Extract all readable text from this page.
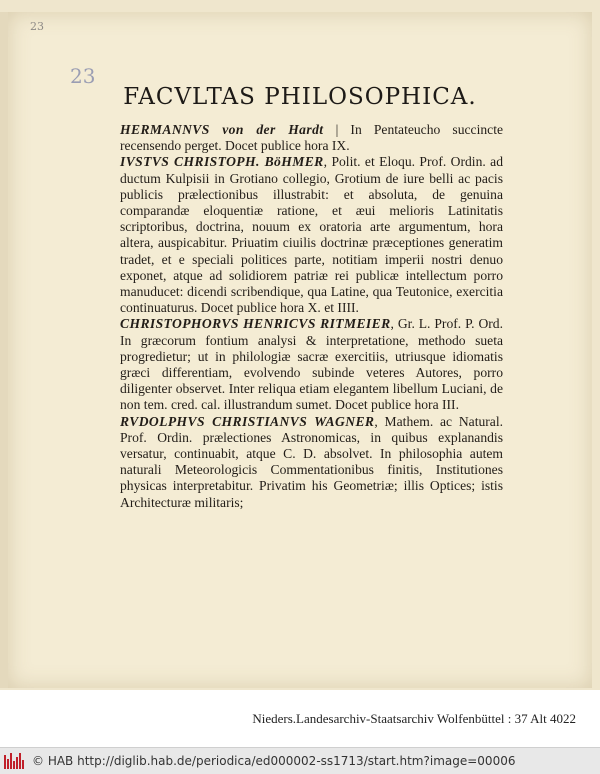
23
23
FACVLTAS PHILOSOPHICA.

HERMANNVS von der Hardt | In Pentateucho succincte recensendo perget. Docet publice hora IX.

IVSTVS CHRISTOPH. BöHMER, Polit. et Eloqu. Prof. Ordin. ad ductum Kulpisii in Grotiano collegio, Grotium de iure belli ac pacis publicis prælectionibus illustrabit: et absoluta, de genuina comparandæ eloquentiæ ratione, et æui melioris Latinitatis scriptoribus, doctrina, nouum ex oratoria arte argumentum, hora altera, auspicabitur. Priuatim ciuilis doctrinæ præceptiones generatim tradet, et e speciali politices parte, notitiam imperii nostri denuo exponet, atque ad solidiorem patriæ rei publicæ intellectum porro manuducet: dicendi scribendique, qua Latine, qua Teutonice, exercitia continuaturus. Docet publice hora X. et IIII.

CHRISTOPHORVS HENRICVS RITMEIER, Gr. L. Prof. P. Ord. In græcorum fontium analysi & interpretatione, methodo sueta progredietur; ut in philologiæ sacræ exercitiis, utriusque idiomatis græci differentiam, evolvendo subinde veteres Autores, porro diligenter observet. Inter reliqua etiam elegantem libellum Luciani, de non tem. cred. cal. illustrandum sumet. Docet publice hora III.

RVDOLPHVS CHRISTIANVS WAGNER, Mathem. ac Natural. Prof. Ordin. prælectiones Astronomicas, in quibus explanandis versatur, continuabit, atque C. D. absolvet. In philosophia autem naturali Meteorologicis Commentationibus finitis, Institutiones physicas interpretabitur. Privatim his Geometriæ; illis Optices; istis Architecturæ militaris;

Nieders.Landesarchiv-Staatsarchiv Wolfenbüttel : 37 Alt 4022
© HAB http://diglib.hab.de/periodica/ed000002-ss1713/start.htm?image=00006
